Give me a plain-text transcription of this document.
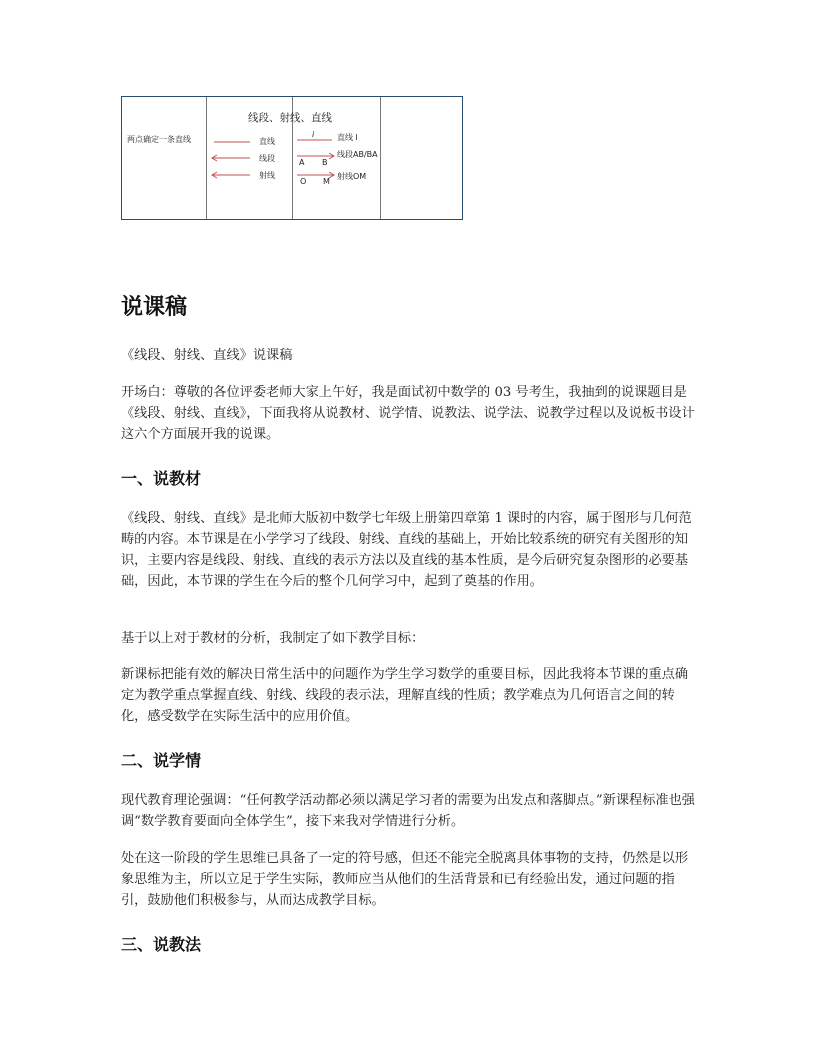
线段、射线、直线
两点确定一条直线	直线
线段
射线
i
A B
O M
直线 l
线段AB/BA
射线OM
说课稿

《线段、射线、直线》说课稿

开场白：尊敬的各位评委老师大家上午好，我是面试初中数学的 03 号考生，我抽到的说课题目是《线段、射线、直线》，下面我将从说教材、说学情、说教法、说学法、说教学过程以及说板书设计这六个方面展开我的说课。

一、说教材

《线段、射线、直线》是北师大版初中数学七年级上册第四章第 1 课时的内容，属于图形与几何范畴的内容。本节课是在小学学习了线段、射线、直线的基础上，开始比较系统的研究有关图形的知识，主要内容是线段、射线、直线的表示方法以及直线的基本性质，是今后研究复杂图形的必要基础，因此，本节课的学生在今后的整个几何学习中，起到了奠基的作用。

基于以上对于教材的分析，我制定了如下教学目标：

新课标把能有效的解决日常生活中的问题作为学生学习数学的重要目标，因此我将本节课的重点确定为教学重点掌握直线、射线、线段的表示法，理解直线的性质；教学难点为几何语言之间的转化，感受数学在实际生活中的应用价值。

二、说学情

现代教育理论强调：“任何教学活动都必须以满足学习者的需要为出发点和落脚点。”新课程标准也强调“数学教育要面向全体学生”，接下来我对学情进行分析。

处在这一阶段的学生思维已具备了一定的符号感，但还不能完全脱离具体事物的支持，仍然是以形象思维为主，所以立足于学生实际，教师应当从他们的生活背景和已有经验出发，通过问题的指引，鼓励他们积极参与，从而达成教学目标。

三、说教法
